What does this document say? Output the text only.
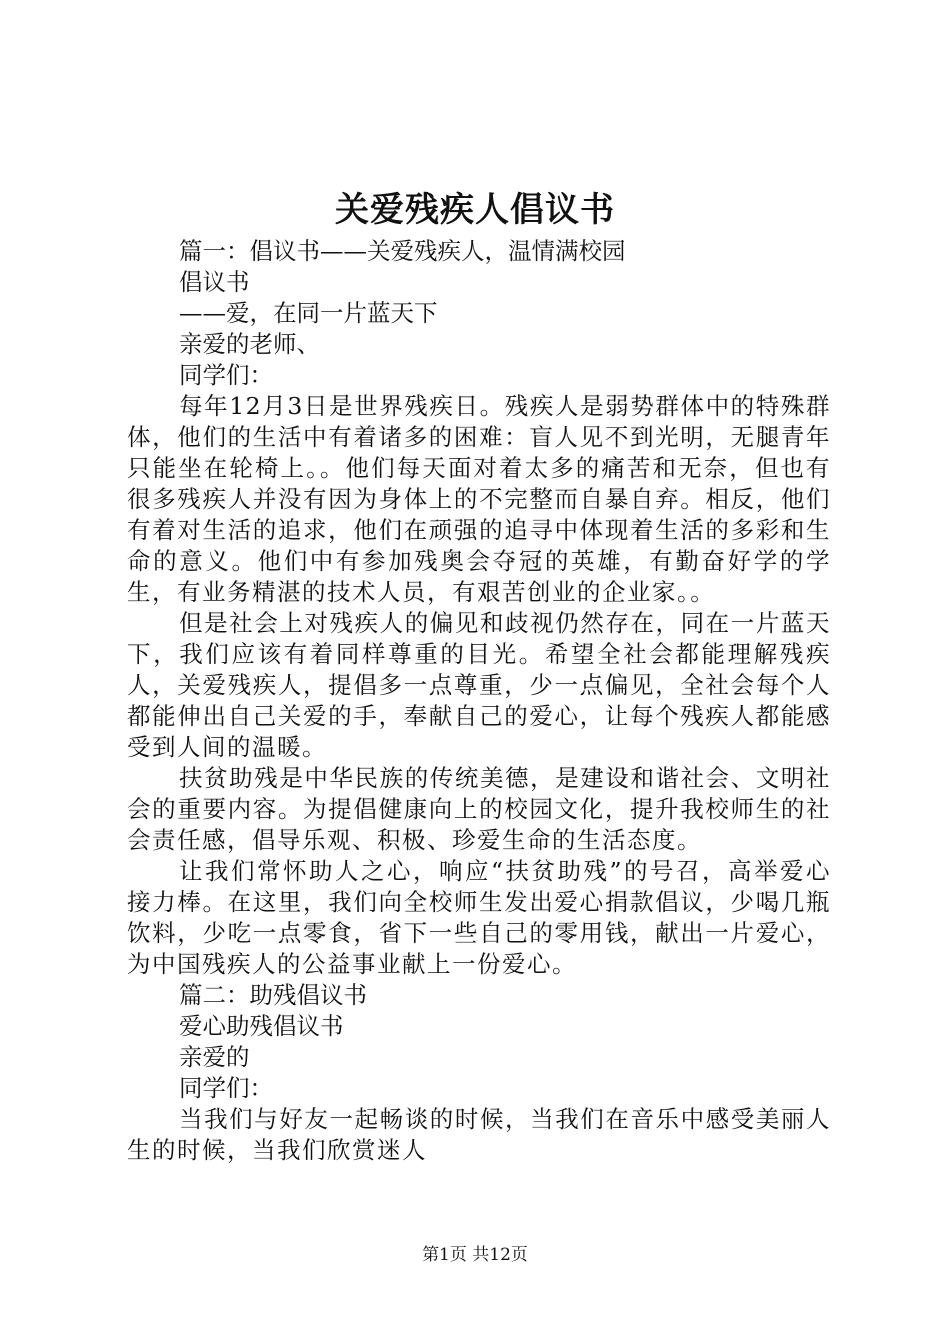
关爱残疾人倡议书

篇一：倡议书——关爱残疾人，温情满校园

倡议书

——爱，在同一片蓝天下

亲爱的老师、

同学们：

每年12月3日是世界残疾日。残疾人是弱势群体中的特殊群体，他们的生活中有着诸多的困难：盲人见不到光明，无腿青年只能坐在轮椅上。。他们每天面对着太多的痛苦和无奈，但也有很多残疾人并没有因为身体上的不完整而自暴自弃。相反，他们有着对生活的追求，他们在顽强的追寻中体现着生活的多彩和生命的意义。他们中有参加残奥会夺冠的英雄，有勤奋好学的学生，有业务精湛的技术人员，有艰苦创业的企业家。。

但是社会上对残疾人的偏见和歧视仍然存在，同在一片蓝天下，我们应该有着同样尊重的目光。希望全社会都能理解残疾人，关爱残疾人，提倡多一点尊重，少一点偏见，全社会每个人都能伸出自己关爱的手，奉献自己的爱心，让每个残疾人都能感受到人间的温暖。

扶贫助残是中华民族的传统美德，是建设和谐社会、文明社会的重要内容。为提倡健康向上的校园文化，提升我校师生的社会责任感，倡导乐观、积极、珍爱生命的生活态度。

让我们常怀助人之心，响应“扶贫助残”的号召，高举爱心接力棒。在这里，我们向全校师生发出爱心捐款倡议，少喝几瓶饮料，少吃一点零食，省下一些自己的零用钱，献出一片爱心，为中国残疾人的公益事业献上一份爱心。

篇二：助残倡议书

爱心助残倡议书

亲爱的

同学们：

当我们与好友一起畅谈的时候，当我们在音乐中感受美丽人生的时候，当我们欣赏迷人

第1页 共12页
